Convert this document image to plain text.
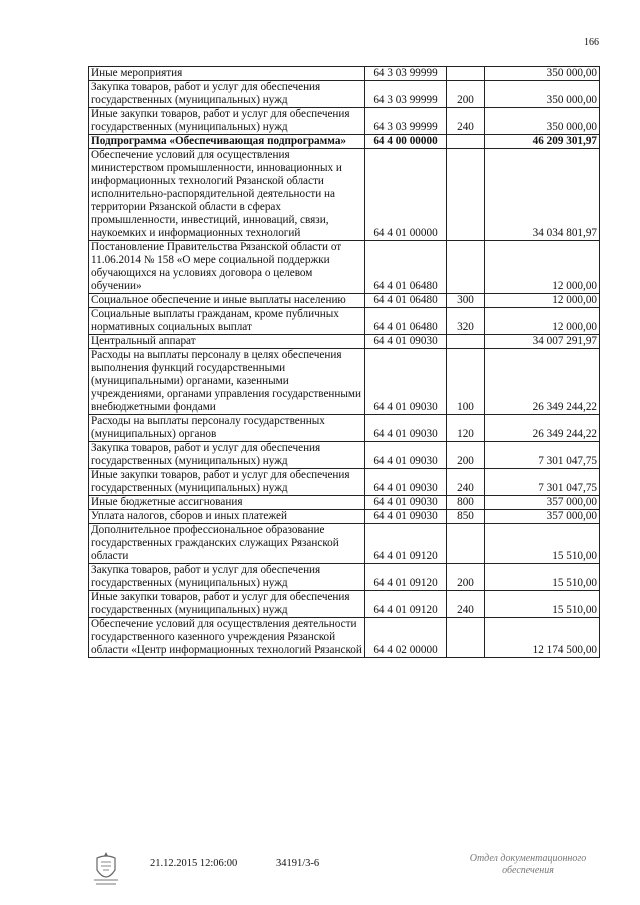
166
Иные мероприятия	64 3 03 99999		350 000,00
Закупка товаров, работ и услуг для обеспечения государственных (муниципальных) нужд	64 3 03 99999	200	350 000,00
Иные закупки товаров, работ и услуг для обеспечения государственных (муниципальных) нужд	64 3 03 99999	240	350 000,00
Подпрограмма «Обеспечивающая подпрограмма»	64 4 00 00000		46 209 301,97
Обеспечение условий для осуществления министерством промышленности, инновационных и информационных технологий Рязанской области исполнительно-распорядительной деятельности на территории Рязанской области в сферах промышленности, инвестиций, инноваций, связи, наукоемких и информационных технологий	64 4 01 00000		34 034 801,97
Постановление Правительства Рязанской области от 11.06.2014 № 158 «О мере социальной поддержки обучающихся на условиях договора о целевом обучении»	64 4 01 06480		12 000,00
Социальное обеспечение и иные выплаты населению	64 4 01 06480	300	12 000,00
Социальные выплаты гражданам, кроме публичных нормативных социальных выплат	64 4 01 06480	320	12 000,00
Центральный аппарат	64 4 01 09030		34 007 291,97
Расходы на выплаты персоналу в целях обеспечения выполнения функций государственными (муниципальными) органами, казенными учреждениями, органами управления государственными внебюджетными фондами	64 4 01 09030	100	26 349 244,22
Расходы на выплаты персоналу государственных (муниципальных) органов	64 4 01 09030	120	26 349 244,22
Закупка товаров, работ и услуг для обеспечения государственных (муниципальных) нужд	64 4 01 09030	200	7 301 047,75
Иные закупки товаров, работ и услуг для обеспечения государственных (муниципальных) нужд	64 4 01 09030	240	7 301 047,75
Иные бюджетные ассигнования	64 4 01 09030	800	357 000,00
Уплата налогов, сборов и иных платежей	64 4 01 09030	850	357 000,00
Дополнительное профессиональное образование государственных гражданских служащих Рязанской области	64 4 01 09120		15 510,00
Закупка товаров, работ и услуг для обеспечения государственных (муниципальных) нужд	64 4 01 09120	200	15 510,00
Иные закупки товаров, работ и услуг для обеспечения государственных (муниципальных) нужд	64 4 01 09120	240	15 510,00
Обеспечение условий для осуществления деятельности государственного казенного учреждения Рязанской области «Центр информационных технологий Рязанской	64 4 02 00000		12 174 500,00
21.12.2015 12:06:00	34191/3-6	Отдел документационного обеспечения
